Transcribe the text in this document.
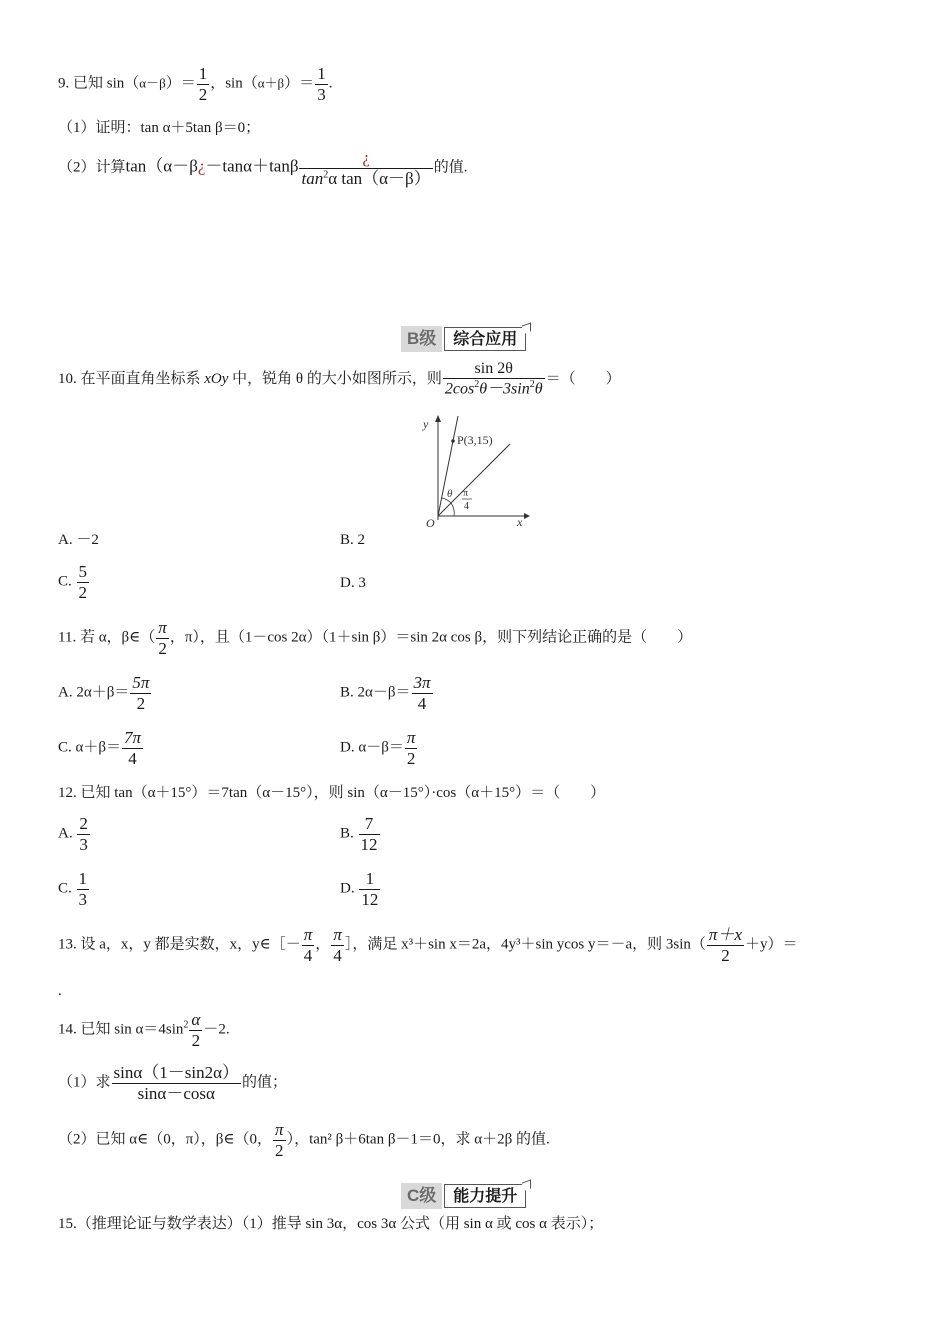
9. 已知 $\sin(\alpha-\beta)= \frac{1}{2}$ ，$\sin(\alpha+\beta)= \frac{1}{3}$ .
（1）证明：tan α＋5tan β＝0；
（2）计算tan（α－β¿－tanα＋tanβ $\frac{¿}{\tan^2\alpha \tan(\alpha-\beta)}$ 的值.
B级	综合应用
10. 在平面直角坐标系 xOy 中，锐角 θ 的大小如图所示，则 $\frac{\sin 2\theta}{2\cos^2\theta-3\sin^2\theta}$ ＝（　　）
y
x
O
P(3,15)
θ π
4
A. －2	B. 2
C. $\frac{5}{2}$	D. 3
11. 若 α，β∈（ $\frac{\pi}{2}$ ，π），且（1－cos 2α）（1＋sin β）＝sin 2α cos β，则下列结论正确的是（　　）
A. $2\alpha+\beta= \frac{5\pi}{2}$	B. $2\alpha-\beta= \frac{3\pi}{4}$
C. $\alpha+\beta= \frac{7\pi}{4}$	D. $\alpha-\beta= \frac{\pi}{2}$
12. 已知 tan（α＋15°）＝7tan（α－15°），则 sin（α－15°）·cos（α＋15°）＝（　　）
A. $\frac{2}{3}$	B. $\frac{7}{12}$
C. $\frac{1}{3}$	D. $\frac{1}{12}$
13. 设 a，x，y 都是实数，x，y∈［－ $\frac{\pi}{4}$ ， $\frac{\pi}{4}$ ］，满足 x³＋sin x＝2a，4y³＋sin ycos y＝－a，则 $3\sin( \frac{\pi+x}{2} +y)=$
.
14. 已知 $\sin \alpha=4\sin^2 \frac{\alpha}{2} -2$.
（1）求 $\frac{\sin\alpha(1-\sin 2\alpha)}{\sin\alpha-\cos\alpha}$ 的值；
（2）已知 α∈（0，π），β∈（0， $\frac{\pi}{2}$ ），tan² β＋6tan β－1＝0，求 α＋2β 的值.
C级	能力提升
15.（推理论证与数学表达）（1）推导 sin 3α，cos 3α 公式（用 sin α 或 cos α 表示）；
